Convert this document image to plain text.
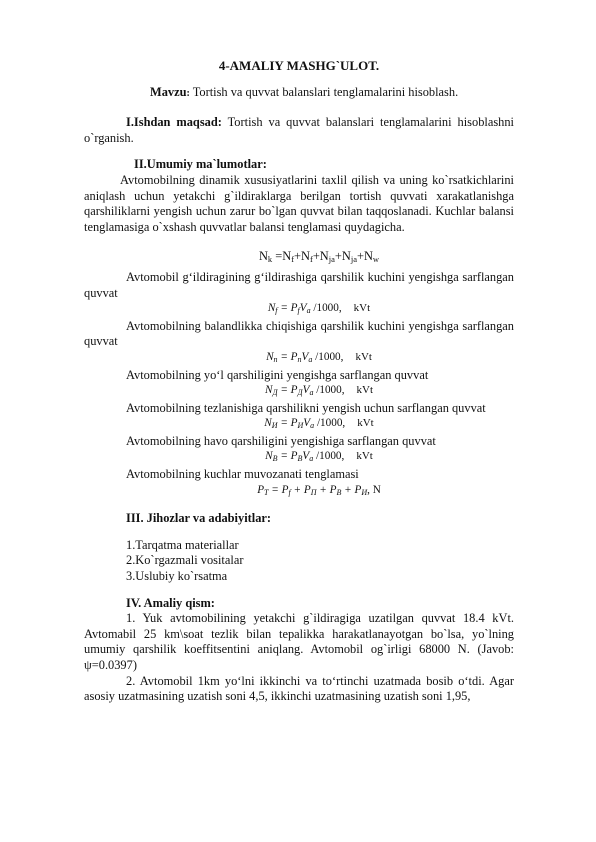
4-AMALIY MASHG`ULOT.
Mavzu: Tortish va quvvat balanslari tenglamalarini hisoblash.

I.Ishdan maqsad: Tortish va quvvat balanslari tenglamalarini hisoblashni o`rganish.

II.Umumiy ma`lumotlar:

Avtomobilning dinamik xususiyatlarini taxlil qilish va uning ko`rsatkichlarini aniqlash uchun yetakchi g`ildiraklarga berilgan tortish quvvati xarakatlanishga qarshiliklarni yengish uchun zarur bo`lgan quvvat bilan taqqoslanadi. Kuchlar balansi tenglamasiga o`xshash quvvatlar balansi tenglamasi quydagicha.

$N_k =N_f+N_f+N_{ja}+N_{ja}+N_w$

Avtomobil g‘ildiragining g‘ildirashiga qarshilik kuchini yengishga sarflangan quvvat

$N_f = P_fV_a$ /1000, kVt

Avtomobilning balandlikka chiqishiga qarshilik kuchini yengishga sarflangan quvvat

$N_п = P_пV_a$ /1000, kVt

Avtomobilning yo‘l qarshiligini yengishga sarflangan quvvat

$N_Д = P_ДV_a$ /1000, kVt

Avtomobilning tezlanishiga qarshilikni yengish uchun sarflangan quvvat

$N_И = P_ИV_a$ /1000, kVt

Avtomobilning havo qarshiligini yengishiga sarflangan quvvat

$N_B = P_BV_a$ /1000, kVt

Avtomobilning kuchlar muvozanati tenglamasi

$P_T = P_f + P_П + P_B + P_И$, N
III. Jihozlar va adabiyitlar:
1.Tarqatma materiallar
2.Ko`rgazmali vositalar
3.Uslubiy ko`rsatma
IV. Amaliy qism:

1. Yuk avtomobilining yetakchi g`ildiragiga uzatilgan quvvat 18.4 kVt. Avtomabil 25 km\soat tezlik bilan tepalikka harakatlanayotgan bo`lsa, yo`lning umumiy qarshilik koeffitsentini aniqlang. Avtomobil og`irligi 68000 N. (Javob: ψ=0.0397)

2. Avtomobil 1km yo‘lni ikkinchi va to‘rtinchi uzatmada bosib o‘tdi. Agar asosiy uzatmasining uzatish soni 4,5, ikkinchi uzatmasining uzatish soni 1,95,
